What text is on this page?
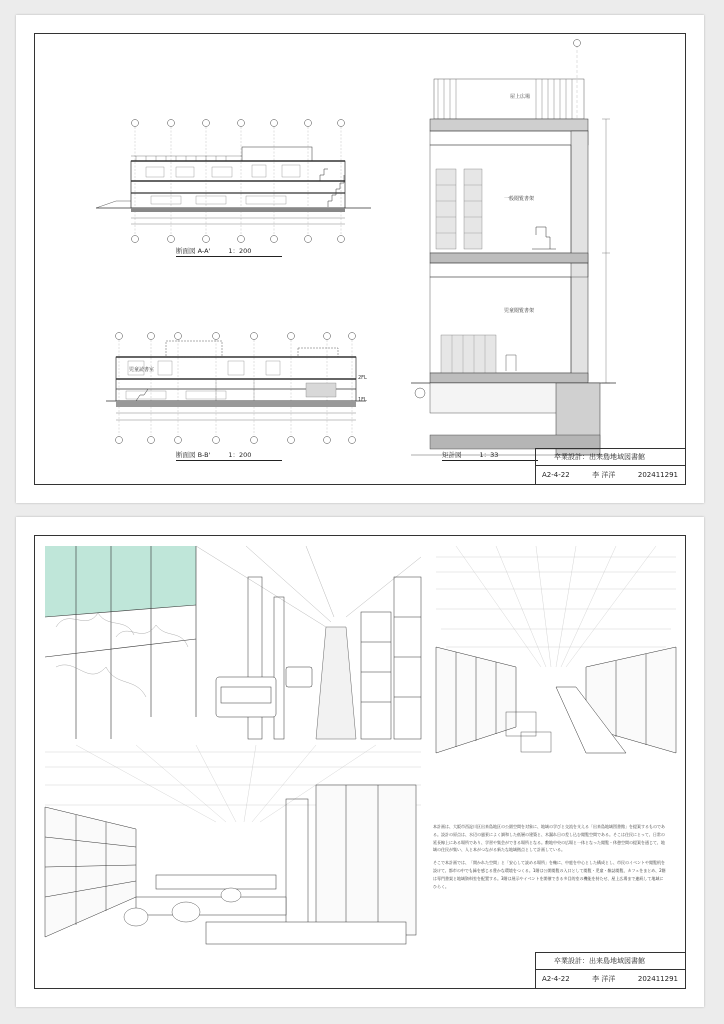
屋上広場
一般閲覧書架
児童閲覧書架
児童読書室
2FL
1FL
断面図 A-A'	1：200
断面図 B-B'	1：200	矩計図	1：33	卒業設計：出来島地域図書館
A2-4-22	李 洋洋	202411291

本計画は、大阪市西淀川区出来島地区の公園空間を対象に、地域の学びと交流を支える「出来島地域図書館」を提案するものである。設計の原点は、水辺の風景によく調和した低層の建築と、木漏れ日の差し込む閲覧空間である。そこは住民にとって、日常の延長線上にある場所であり、学習や集会ができる場所となる。敷地中央の広場と一体となった閲覧・休憩空間の提案を通じて、地域の住民が集い、人と本がつながる新たな地域拠点として計画している。

そこで本計画では、「開かれた空間」と「安心して読める場所」を軸に、中庭を中心とした構成とし、市民のイベントや閲覧机を設けて、都市の中でも緑を感じる豊かな環境をつくる。1階は公開閲覧の入口として閲覧・児童・雑誌閲覧、カフェをまとめ、2階は専門書架と地域資料室を配置する。3階は展示やイベントを開催できる多目的室の機能を持たせ、屋上広場まで連続して地域にひらく。

卒業設計：出来島地域図書館
A2-4-22	李 洋洋	202411291
